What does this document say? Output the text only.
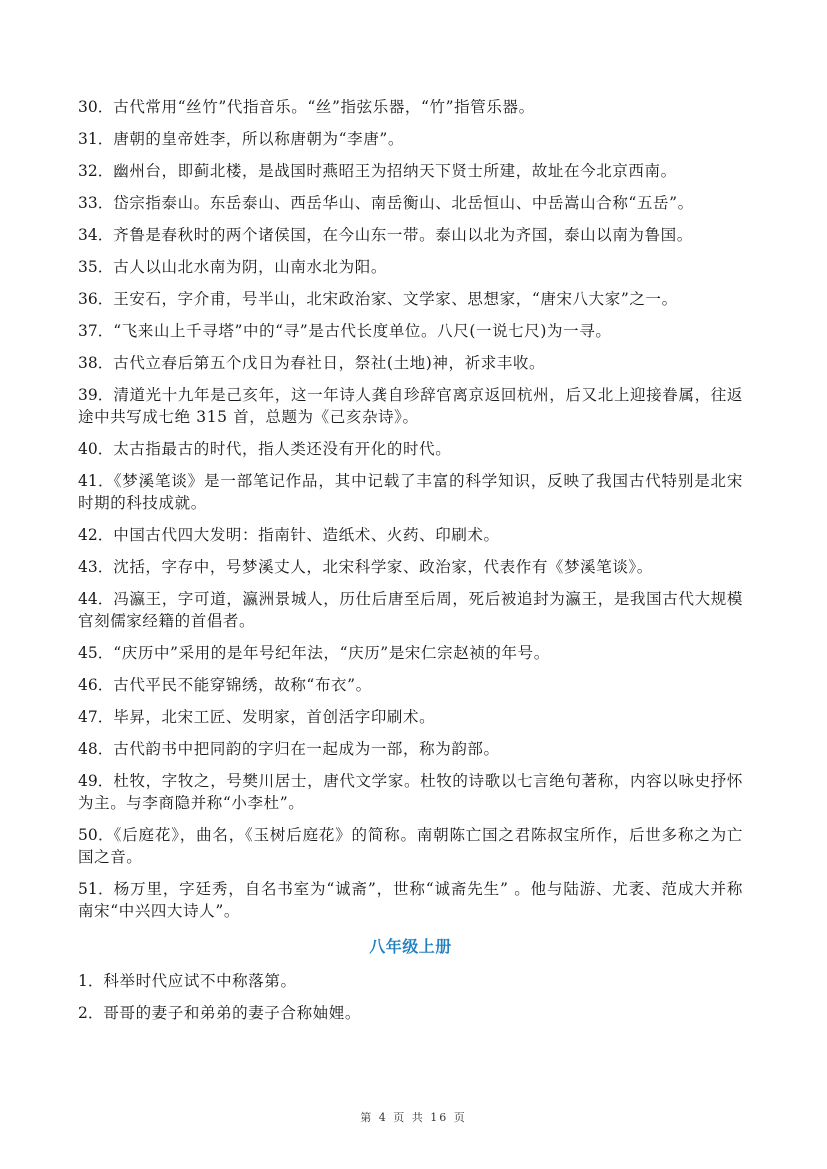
30．古代常用“丝竹”代指音乐。“丝”指弦乐器，“竹”指管乐器。

31．唐朝的皇帝姓李，所以称唐朝为“李唐”。

32．幽州台，即蓟北楼，是战国时燕昭王为招纳天下贤士所建，故址在今北京西南。

33．岱宗指泰山。东岳泰山、西岳华山、南岳衡山、北岳恒山、中岳嵩山合称“五岳”。

34．齐鲁是春秋时的两个诸侯国，在今山东一带。泰山以北为齐国，泰山以南为鲁国。

35．古人以山北水南为阴，山南水北为阳。

36．王安石，字介甫，号半山，北宋政治家、文学家、思想家，“唐宋八大家”之一。

37．“飞来山上千寻塔”中的“寻”是古代长度单位。八尺(一说七尺)为一寻。

38．古代立春后第五个戊日为春社日，祭社(土地)神，祈求丰收。

39．清道光十九年是己亥年，这一年诗人龚自珍辞官离京返回杭州，后又北上迎接眷属，往返途中共写成七绝 315 首，总题为《己亥杂诗》。

40．太古指最古的时代，指人类还没有开化的时代。

41．《梦溪笔谈》是一部笔记作品，其中记载了丰富的科学知识，反映了我国古代特别是北宋时期的科技成就。

42．中国古代四大发明：指南针、造纸术、火药、印刷术。

43．沈括，字存中，号梦溪丈人，北宋科学家、政治家，代表作有《梦溪笔谈》。

44．冯瀛王，字可道，瀛洲景城人，历仕后唐至后周，死后被追封为瀛王，是我国古代大规模官刻儒家经籍的首倡者。

45．“庆历中”采用的是年号纪年法，“庆历”是宋仁宗赵祯的年号。

46．古代平民不能穿锦绣，故称“布衣”。

47．毕昇，北宋工匠、发明家，首创活字印刷术。

48．古代韵书中把同韵的字归在一起成为一部，称为韵部。

49．杜牧，字牧之，号樊川居士，唐代文学家。杜牧的诗歌以七言绝句著称，内容以咏史抒怀为主。与李商隐并称“小李杜”。

50．《后庭花》，曲名，《玉树后庭花》的简称。南朝陈亡国之君陈叔宝所作，后世多称之为亡国之音。

51．杨万里，字廷秀，自名书室为“诚斋”，世称“诚斋先生” 。他与陆游、尤袤、范成大并称南宋“中兴四大诗人”。

八年级上册

1．科举时代应试不中称落第。

2．哥哥的妻子和弟弟的妻子合称妯娌。

第 4 页 共 16 页
